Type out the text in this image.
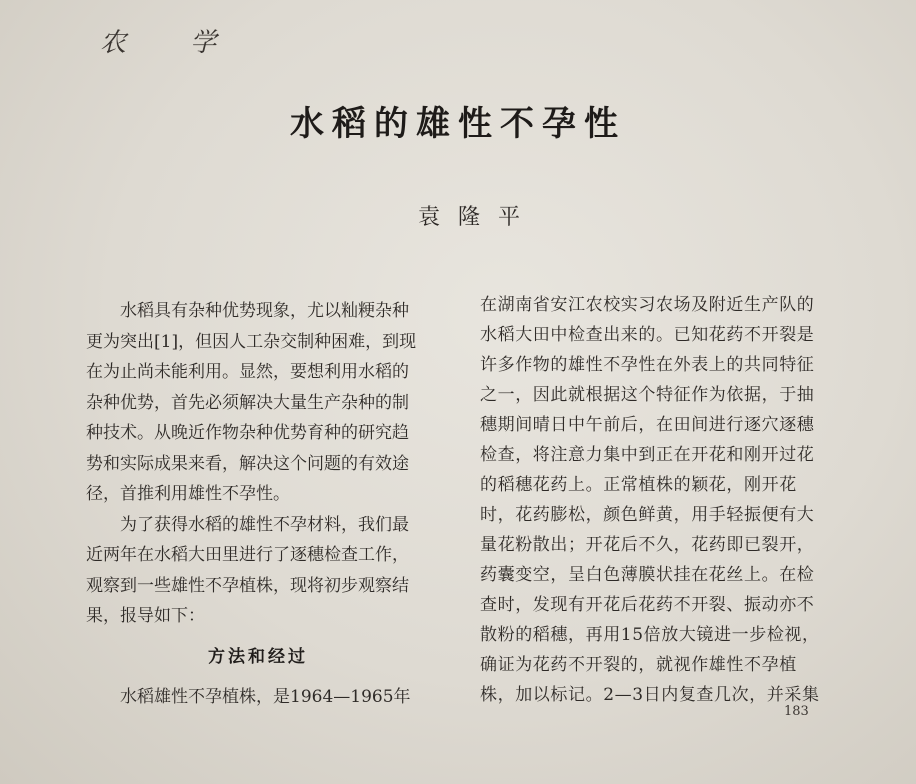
农 学
水稻的雄性不孕性
袁隆平
　　水稻具有杂种优势现象，尤以籼粳杂种
更为突出[1]，但因人工杂交制种困难，到现
在为止尚未能利用。显然，要想利用水稻的
杂种优势，首先必须解决大量生产杂种的制
种技术。从晚近作物杂种优势育种的研究趋
势和实际成果来看，解决这个问题的有效途
径，首推利用雄性不孕性。
　　为了获得水稻的雄性不孕材料，我们最
近两年在水稻大田里进行了逐穗检查工作，
观察到一些雄性不孕植株，现将初步观察结
果，报导如下：
方法和经过
　　水稻雄性不孕植株，是1964—1965年
在湖南省安江农校实习农场及附近生产队的
水稻大田中检查出来的。已知花药不开裂是
许多作物的雄性不孕性在外表上的共同特征
之一，因此就根据这个特征作为依据，于抽
穗期间晴日中午前后，在田间进行逐穴逐穗
检查，将注意力集中到正在开花和刚开过花
的稻穗花药上。正常植株的颖花，刚开花
时，花药膨松，颜色鲜黄，用手轻振便有大
量花粉散出；开花后不久，花药即已裂开，
药囊变空，呈白色薄膜状挂在花丝上。在检
查时，发现有开花后花药不开裂、振动亦不
散粉的稻穗，再用15倍放大镜进一步检视，
确证为花药不开裂的，就视作雄性不孕植
株，加以标记。2—3日内复查几次，并采集
183
